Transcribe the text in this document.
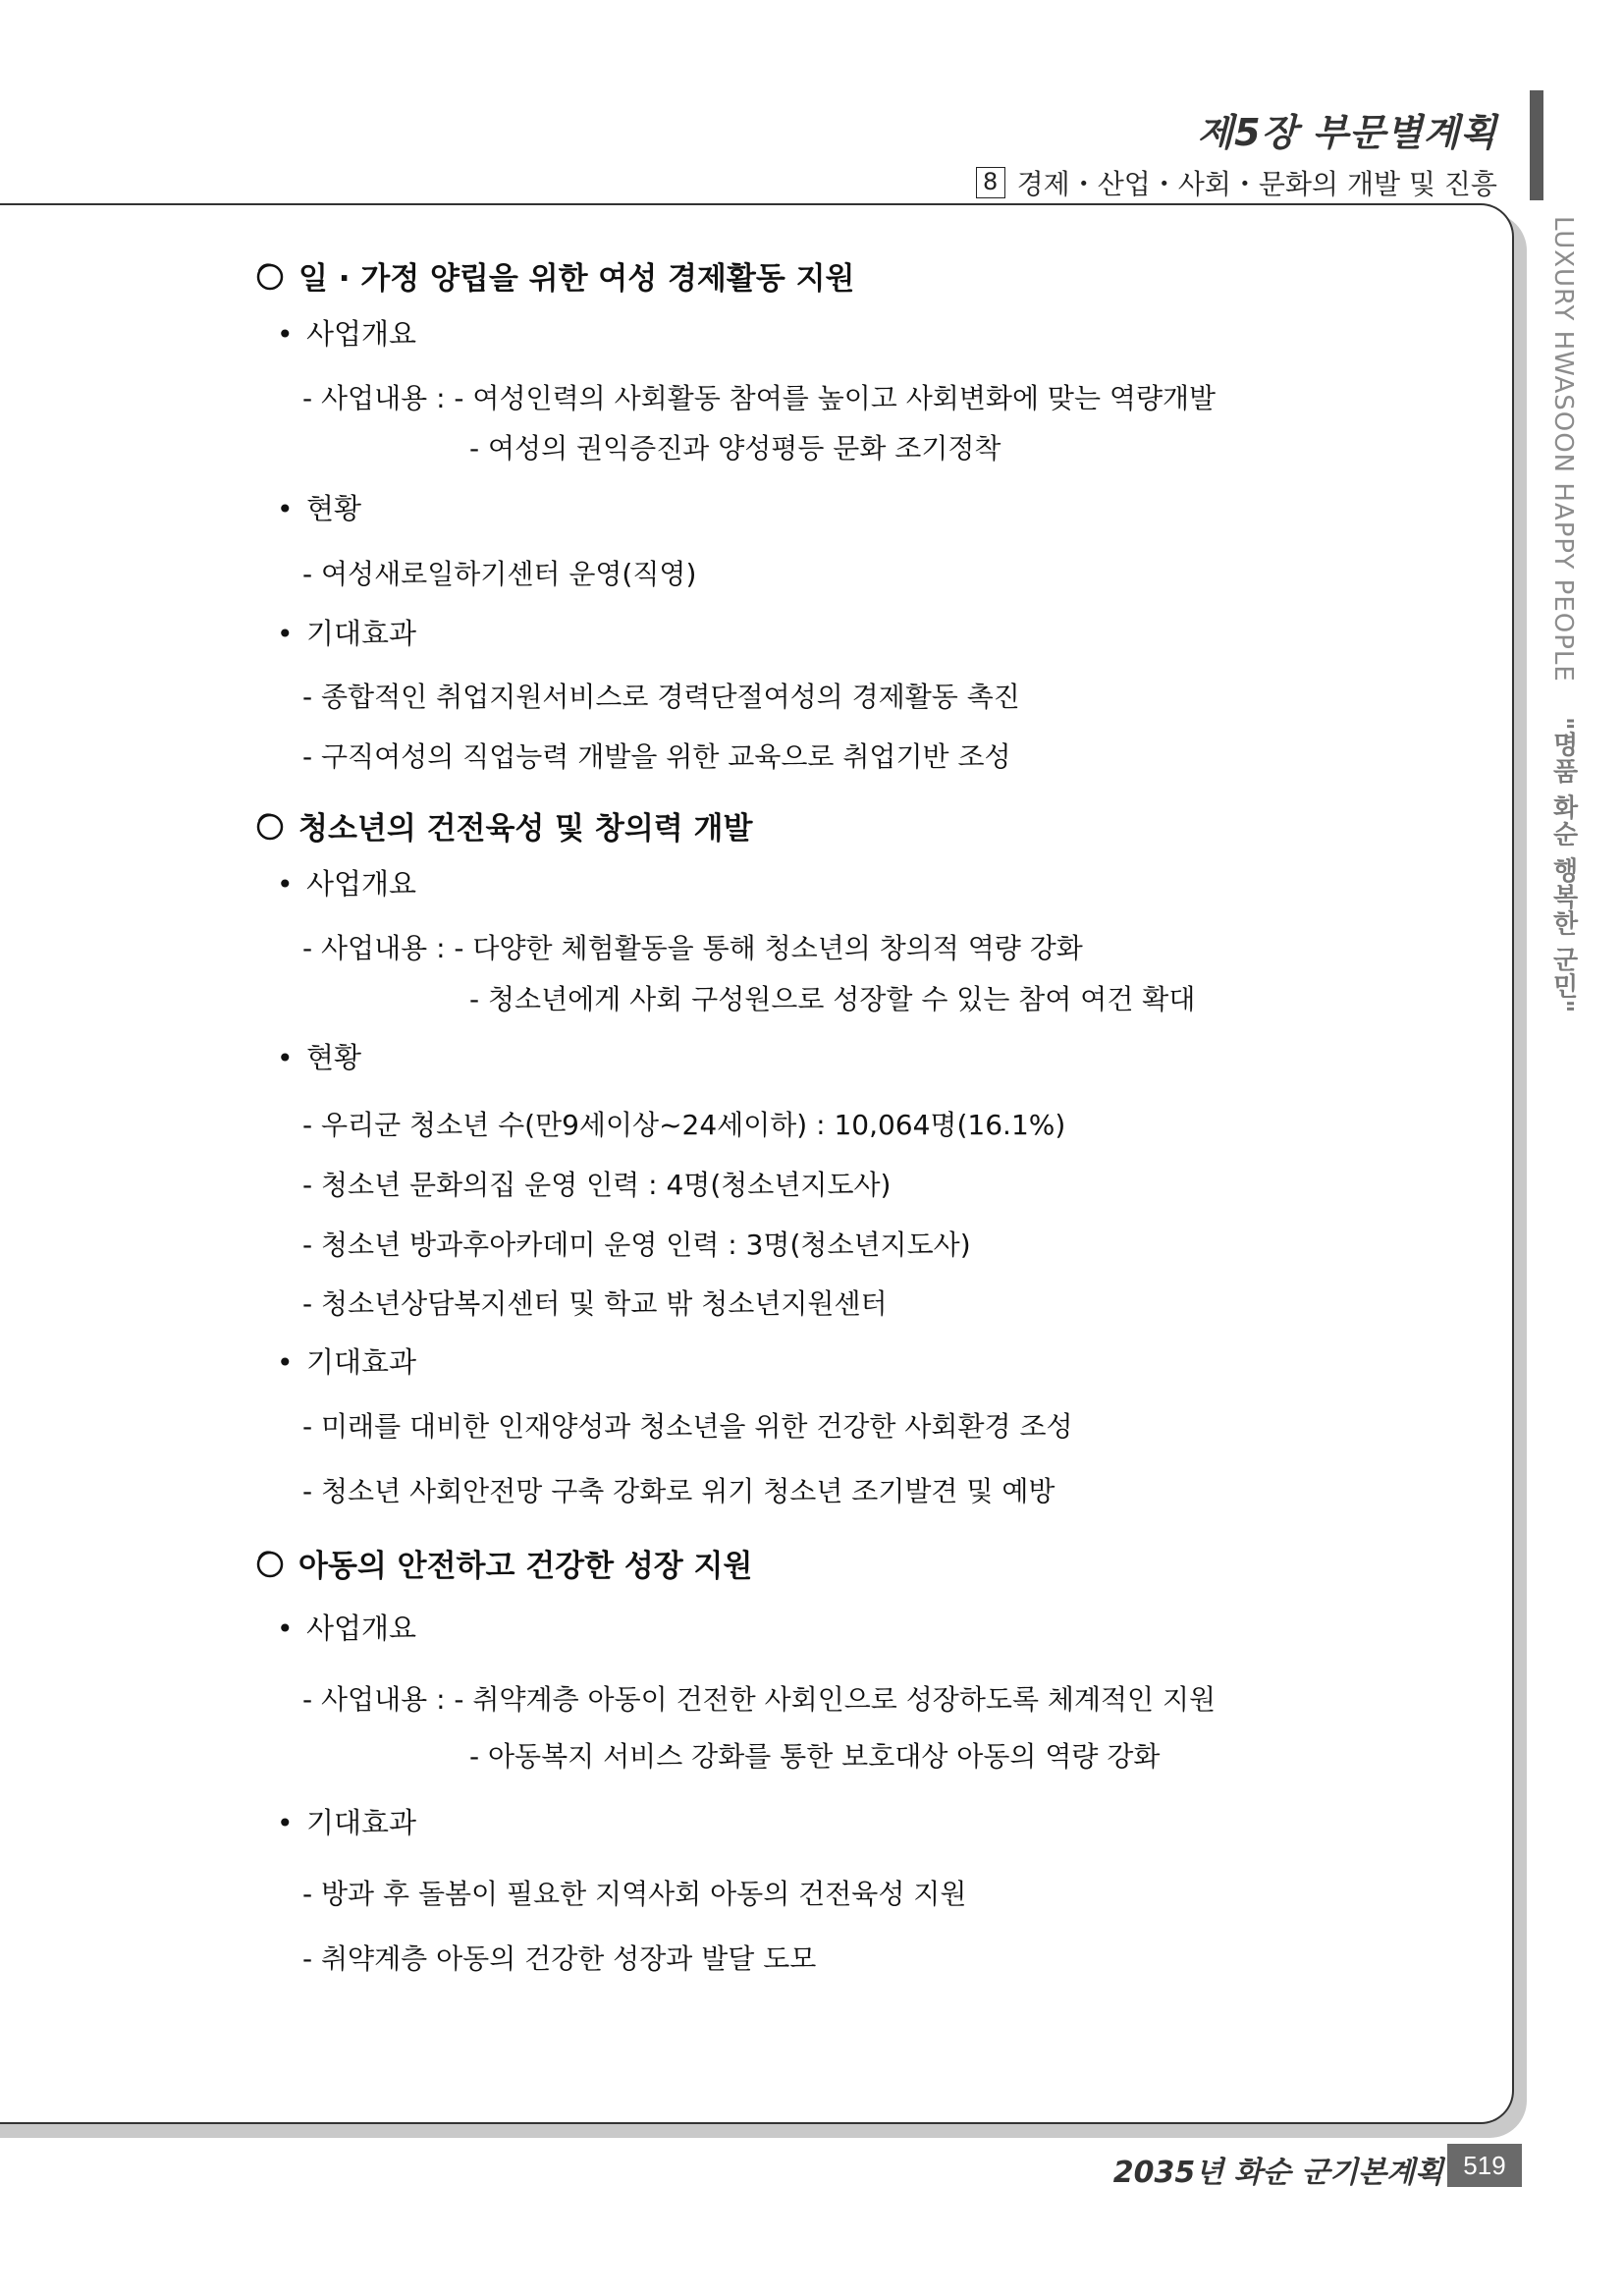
제5장 부문별계획
8 경제・산업・사회・문화의 개발 및 진흥
LUXURY HWASOON HAPPY PEOPLE "명품 화순 행복한 군민"
일 · 가정 양립을 위한 여성 경제활동 지원
• 사업개요
- 사업내용 : - 여성인력의 사회활동 참여를 높이고 사회변화에 맞는 역량개발
- 여성의 권익증진과 양성평등 문화 조기정착
• 현황
- 여성새로일하기센터 운영(직영)
• 기대효과
- 종합적인 취업지원서비스로 경력단절여성의 경제활동 촉진
- 구직여성의 직업능력 개발을 위한 교육으로 취업기반 조성
청소년의 건전육성 및 창의력 개발
• 사업개요
- 사업내용 : - 다양한 체험활동을 통해 청소년의 창의적 역량 강화
- 청소년에게 사회 구성원으로 성장할 수 있는 참여 여건 확대
• 현황
- 우리군 청소년 수(만9세이상~24세이하) : 10,064명(16.1%)
- 청소년 문화의집 운영 인력 : 4명(청소년지도사)
- 청소년 방과후아카데미 운영 인력 : 3명(청소년지도사)
- 청소년상담복지센터 및 학교 밖 청소년지원센터
• 기대효과
- 미래를 대비한 인재양성과 청소년을 위한 건강한 사회환경 조성
- 청소년 사회안전망 구축 강화로 위기 청소년 조기발견 및 예방
아동의 안전하고 건강한 성장 지원
• 사업개요
- 사업내용 : - 취약계층 아동이 건전한 사회인으로 성장하도록 체계적인 지원
- 아동복지 서비스 강화를 통한 보호대상 아동의 역량 강화
• 기대효과
- 방과 후 돌봄이 필요한 지역사회 아동의 건전육성 지원
- 취약계층 아동의 건강한 성장과 발달 도모
2035년 화순 군기본계획 519
